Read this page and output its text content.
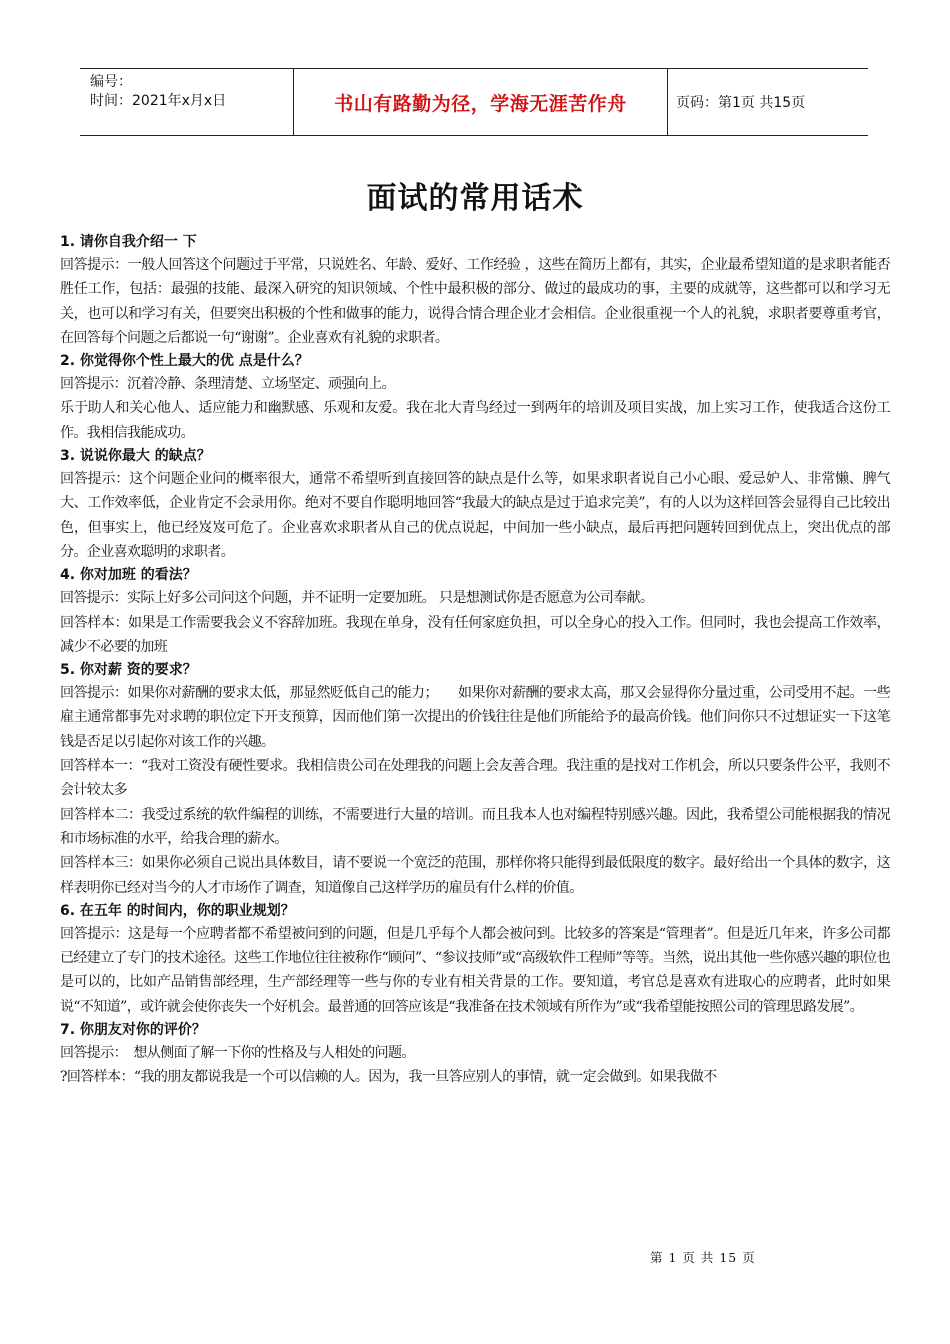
编号：
时间：2021年x月x日	书山有路勤为径，学海无涯苦作舟	页码：第1页 共15页
面试的常用话术

1. 请你自我介绍一 下

回答提示：一般人回答这个问题过于平常，只说姓名、年龄、爱好、工作经验 ，这些在简历上都有，其实，企业最希望知道的是求职者能否胜任工作，包括：最强的技能、最深入研究的知识领域、个性中最积极的部分、做过的最成功的事，主要的成就等，这些都可以和学习无关，也可以和学习有关，但要突出积极的个性和做事的能力，说得合情合理企业才会相信。企业很重视一个人的礼貌，求职者要尊重考官，在回答每个问题之后都说一句“谢谢”。企业喜欢有礼貌的求职者。

2. 你觉得你个性上最大的优 点是什么？

回答提示：沉着冷静、条理清楚、立场坚定、顽强向上。

乐于助人和关心他人、适应能力和幽默感、乐观和友爱。我在北大青鸟经过一到两年的培训及项目实战，加上实习工作，使我适合这份工作。我相信我能成功。

3. 说说你最大 的缺点？

回答提示：这个问题企业问的概率很大，通常不希望听到直接回答的缺点是什么等，如果求职者说自己小心眼、爱忌妒人、非常懒、脾气大、工作效率低，企业肯定不会录用你。绝对不要自作聪明地回答“我最大的缺点是过于追求完美”，有的人以为这样回答会显得自己比较出色，但事实上，他已经岌岌可危了。企业喜欢求职者从自己的优点说起，中间加一些小缺点，最后再把问题转回到优点上，突出优点的部分。企业喜欢聪明的求职者。

4. 你对加班 的看法？

回答提示：实际上好多公司问这个问题，并不证明一定要加班。 只是想测试你是否愿意为公司奉献。

回答样本：如果是工作需要我会义不容辞加班。我现在单身，没有任何家庭负担，可以全身心的投入工作。但同时，我也会提高工作效率，减少不必要的加班

5. 你对薪 资的要求？

回答提示：如果你对薪酬的要求太低，那显然贬低自己的能力；　　如果你对薪酬的要求太高，那又会显得你分量过重，公司受用不起。一些雇主通常都事先对求聘的职位定下开支预算，因而他们第一次提出的价钱往往是他们所能给予的最高价钱。他们问你只不过想证实一下这笔钱是否足以引起你对该工作的兴趣。

回答样本一：“我对工资没有硬性要求。我相信贵公司在处理我的问题上会友善合理。我注重的是找对工作机会，所以只要条件公平，我则不会计较太多

回答样本二：我受过系统的软件编程的训练，不需要进行大量的培训。而且我本人也对编程特别感兴趣。因此，我希望公司能根据我的情况和市场标准的水平，给我合理的薪水。

回答样本三：如果你必须自己说出具体数目，请不要说一个宽泛的范围，那样你将只能得到最低限度的数字。最好给出一个具体的数字，这样表明你已经对当今的人才市场作了调查，知道像自己这样学历的雇员有什么样的价值。

6. 在五年 的时间内，你的职业规划？

回答提示：这是每一个应聘者都不希望被问到的问题，但是几乎每个人都会被问到。比较多的答案是“管理者”。但是近几年来，许多公司都已经建立了专门的技术途径。这些工作地位往往被称作“顾问”、“参议技师”或“高级软件工程师”等等。当然，说出其他一些你感兴趣的职位也是可以的，比如产品销售部经理，生产部经理等一些与你的专业有相关背景的工作。要知道，考官总是喜欢有进取心的应聘者，此时如果说“不知道”，或许就会使你丧失一个好机会。最普通的回答应该是“我准备在技术领域有所作为”或“我希望能按照公司的管理思路发展”。

7. 你朋友对你的评价？

回答提示：　想从侧面了解一下你的性格及与人相处的问题。

?回答样本：“我的朋友都说我是一个可以信赖的人。因为，我一旦答应别人的事情，就一定会做到。如果我做不

第 1 页 共 15 页
